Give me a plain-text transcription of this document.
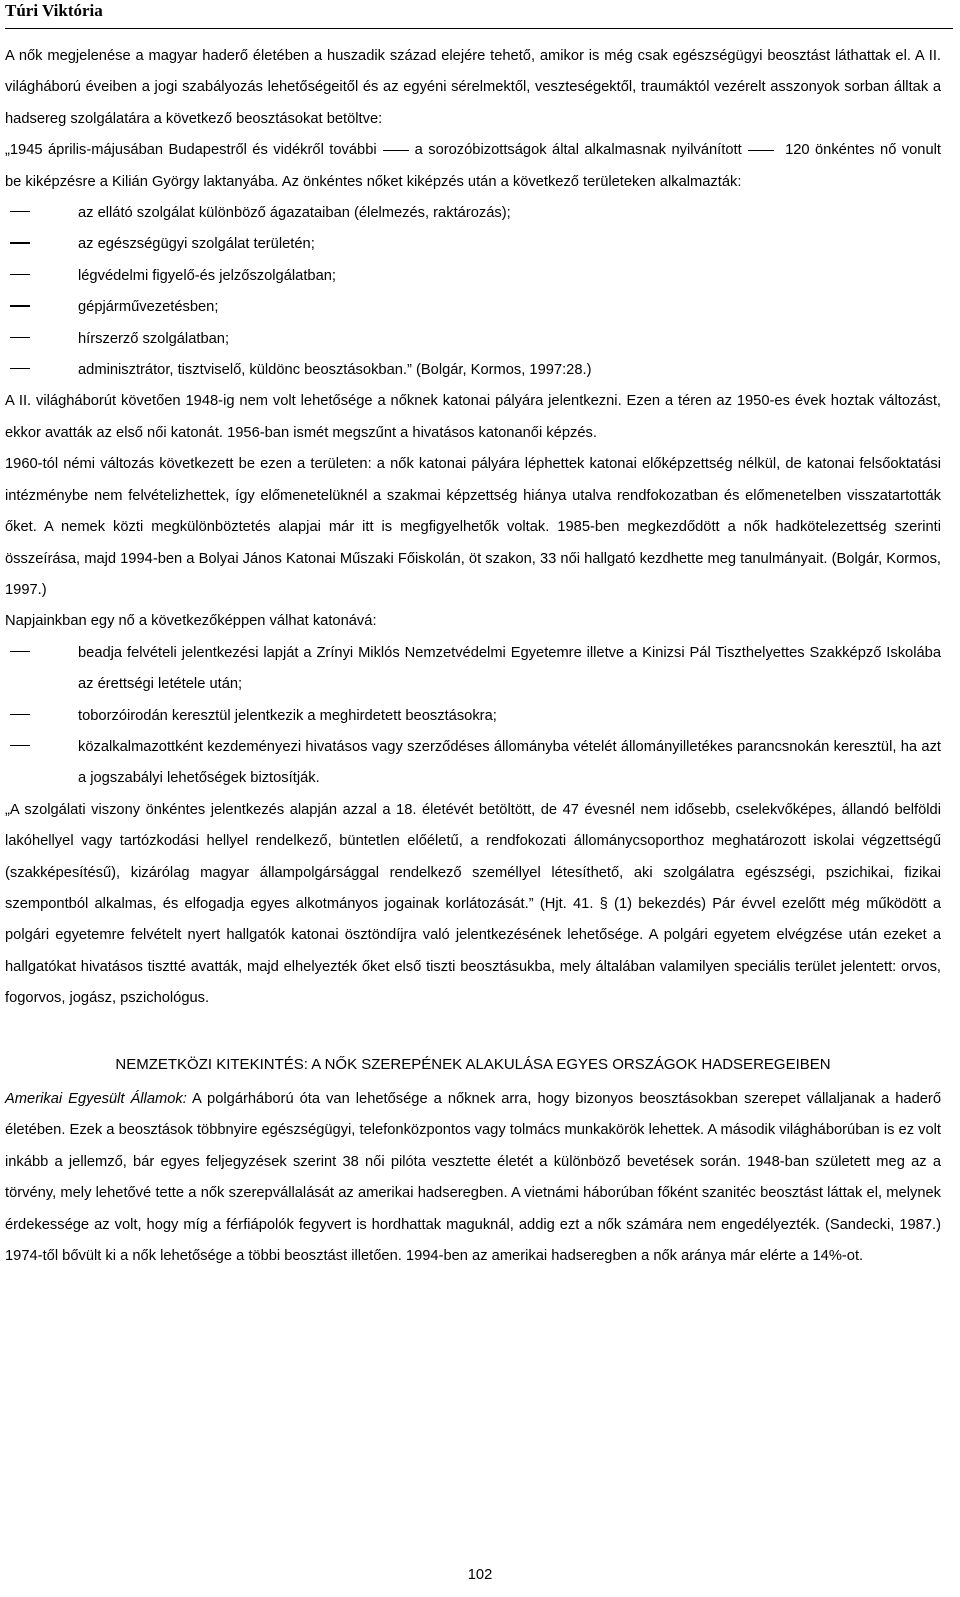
Túri Viktória

A nők megjelenése a magyar haderő életében a huszadik század elejére tehető, amikor is még csak egészségügyi beosztást láthattak el. A II. világháború éveiben a jogi szabályozás lehetőségeitől és az egyéni sérelmektől, veszteségektől, traumáktól vezérelt asszonyok sorban álltak a hadsereg szolgálatára a következő beosztásokat betöltve:

„1945 április-májusában Budapestről és vidékről további	a sorozóbizottságok által alkalmasnak nyilvánított	120 önkéntes nő vonult be kiképzésre a Kilián György laktanyába. Az önkéntes nőket kiképzés után a következő területeken alkalmazták:

az ellátó szolgálat különböző ágazataiban (élelmezés, raktározás);
az egészségügyi szolgálat területén;
légvédelmi figyelő-és jelzőszolgálatban;
gépjárművezetésben;
hírszerző szolgálatban;
adminisztrátor, tisztviselő, küldönc beosztásokban.” (Bolgár, Kormos, 1997:28.)

A II. világháborút követően 1948-ig nem volt lehetősége a nőknek katonai pályára jelentkezni. Ezen a téren az 1950-es évek hoztak változást, ekkor avatták az első női katonát. 1956-ban ismét megszűnt a hivatásos katonanői képzés.

1960-tól némi változás következett be ezen a területen: a nők katonai pályára léphettek katonai előképzettség nélkül, de katonai felsőoktatási intézménybe nem felvételizhettek, így előmenetelüknél a szakmai képzettség hiánya utalva rendfokozatban és előmenetelben visszatartották őket. A nemek közti megkülönböztetés alapjai már itt is megfigyelhetők voltak. 1985-ben megkezdődött a nők hadkötelezettség szerinti összeírása, majd 1994-ben a Bolyai János Katonai Műszaki Főiskolán, öt szakon, 33 női hallgató kezdhette meg tanulmányait. (Bolgár, Kormos, 1997.)

Napjainkban egy nő a következőképpen válhat katonává:

beadja felvételi jelentkezési lapját a Zrínyi Miklós Nemzetvédelmi Egyetemre illetve a Kinizsi Pál Tiszthelyettes Szakképző Iskolába az érettségi letétele után;
toborzóirodán keresztül jelentkezik a meghirdetett beosztásokra;
közalkalmazottként kezdeményezi hivatásos vagy szerződéses állományba vételét állományilletékes parancsnokán keresztül, ha azt a jogszabályi lehetőségek biztosítják.

„A szolgálati viszony önkéntes jelentkezés alapján azzal a 18. életévét betöltött, de 47 évesnél nem idősebb, cselekvőképes, állandó belföldi lakóhellyel vagy tartózkodási hellyel rendelkező, büntetlen előéletű, a rendfokozati állománycsoporthoz meghatározott iskolai végzettségű (szakképesítésű), kizárólag magyar állampolgársággal rendelkező személlyel létesíthető, aki szolgálatra egészségi, pszichikai, fizikai szempontból alkalmas, és elfogadja egyes alkotmányos jogainak korlátozását.” (Hjt. 41. § (1) bekezdés) Pár évvel ezelőtt még működött a polgári egyetemre felvételt nyert hallgatók katonai ösztöndíjra való jelentkezésének lehetősége. A polgári egyetem elvégzése után ezeket a hallgatókat hivatásos tisztté avatták, majd elhelyezték őket első tiszti beosztásukba, mely általában valamilyen speciális terület jelentett: orvos, fogorvos, jogász, pszichológus.

NEMZETKÖZI KITEKINTÉS: A NŐK SZEREPÉNEK ALAKULÁSA EGYES ORSZÁGOK HADSEREGEIBEN

Amerikai Egyesült Államok: A polgárháború óta van lehetősége a nőknek arra, hogy bizonyos beosztásokban szerepet vállaljanak a haderő életében. Ezek a beosztások többnyire egészségügyi, telefonközpontos vagy tolmács munkakörök lehettek. A második világháborúban is ez volt inkább a jellemző, bár egyes feljegyzések szerint 38 női pilóta vesztette életét a különböző bevetések során. 1948-ban született meg az a törvény, mely lehetővé tette a nők szerepvállalását az amerikai hadseregben. A vietnámi háborúban főként szanitéc beosztást láttak el, melynek érdekessége az volt, hogy míg a férfiápolók fegyvert is hordhattak maguknál, addig ezt a nők számára nem engedélyezték. (Sandecki, 1987.) 1974-től bővült ki a nők lehetősége a többi beosztást illetően. 1994-ben az amerikai hadseregben a nők aránya már elérte a 14%-ot.

102
